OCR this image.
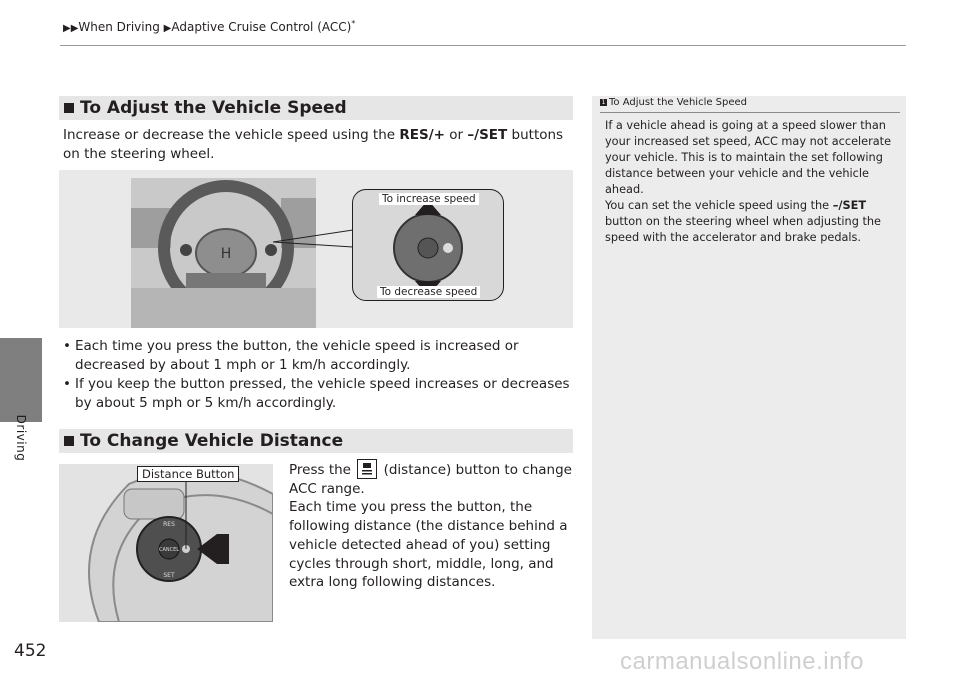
▶▶When Driving ▶Adaptive Cruise Control (ACC)*
Driving
452
To Adjust the Vehicle Speed
Increase or decrease the vehicle speed using the RES/+ or –/SET buttons on the steering wheel.
H
To increase speed
To decrease speed
• Each time you press the button, the vehicle speed is increased or decreased by about 1 mph or 1 km/h accordingly.
• If you keep the button pressed, the vehicle speed increases or decreases by about 5 mph or 5 km/h accordingly.
To Change Vehicle Distance
RES
SET
CANCEL
Distance Button	Press the (distance) button to change ACC range.
Each time you press the button, the following distance (the distance behind a vehicle detected ahead of you) setting cycles through short, middle, long, and extra long following distances.
1 To Adjust the Vehicle Speed
If a vehicle ahead is going at a speed slower than your increased set speed, ACC may not accelerate your vehicle. This is to maintain the set following distance between your vehicle and the vehicle ahead.
You can set the vehicle speed using the –/SET button on the steering wheel when adjusting the speed with the accelerator and brake pedals.
carmanualsonline.info
